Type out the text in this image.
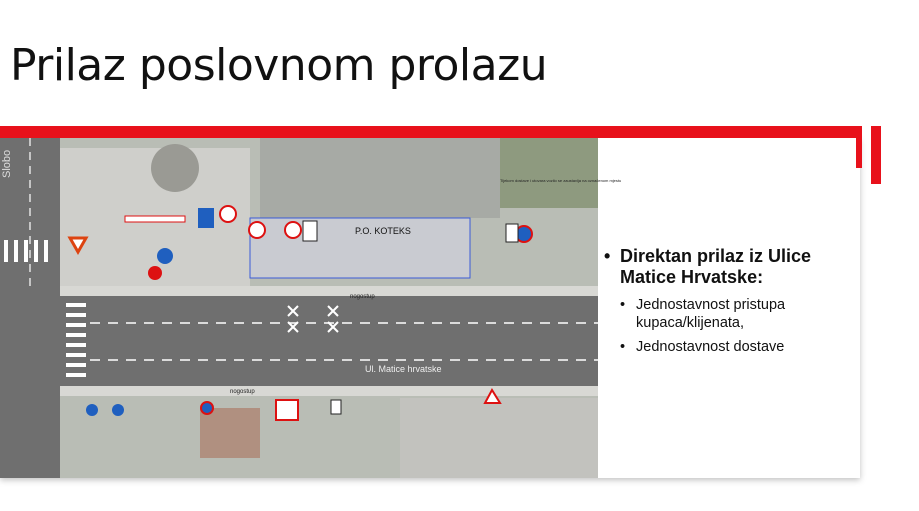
Prilaz poslovnom prolazu
P.O. KOTEKS
nogostup
nogostup
Ul. Matice hrvatske
Slobo
Tijekom dostave i utovara vozilo se zaustavlja na označenom mjestu
• Direktan prilaz iz Ulice Matice Hrvatske:
• Jednostavnost pristupa kupaca/klijenata,
• Jednostavnost dostave
